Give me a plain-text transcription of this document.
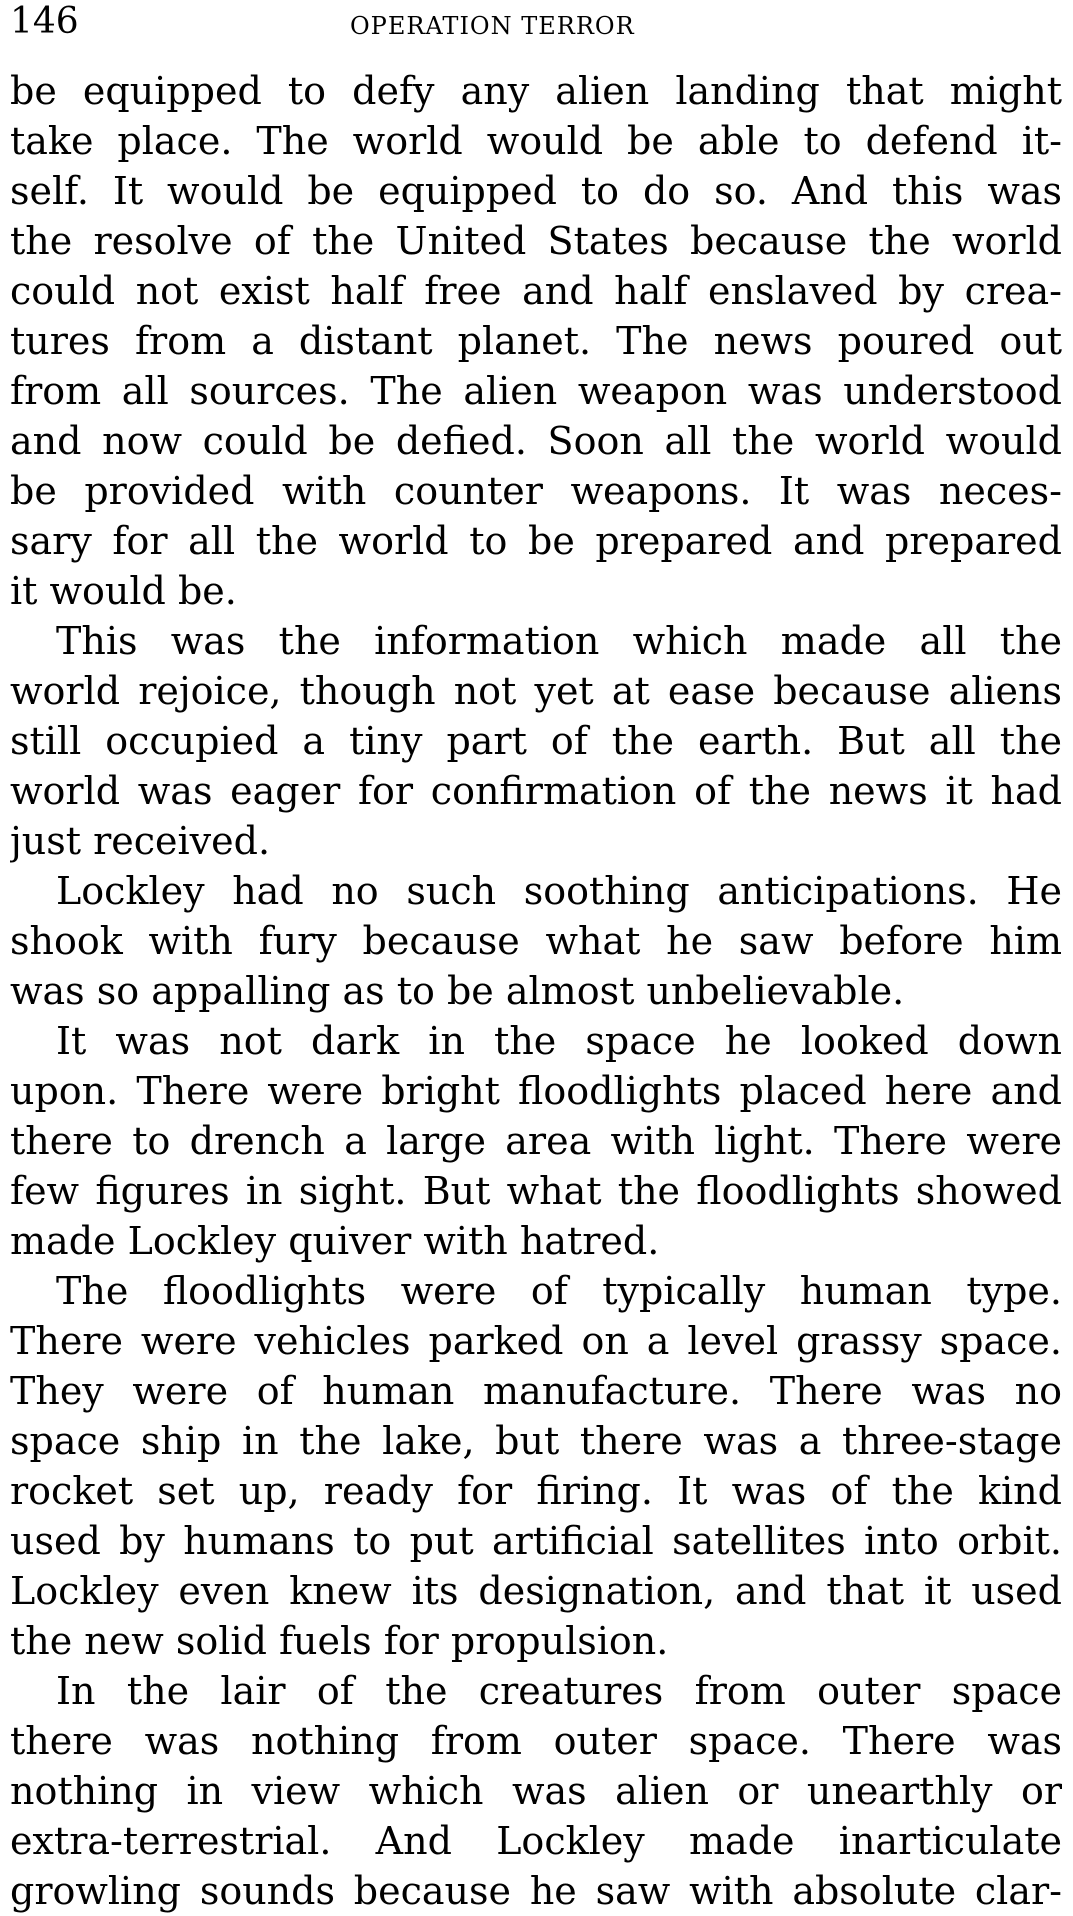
146	OPERATION TERROR
be equipped to defy any alien landing that might
take place. The world would be able to defend it-
self. It would be equipped to do so. And this was
the resolve of the United States because the world
could not exist half free and half enslaved by crea-
tures from a distant planet. The news poured out
from all sources. The alien weapon was understood
and now could be defied. Soon all the world would
be provided with counter weapons. It was neces-
sary for all the world to be prepared and prepared
it would be.
This was the information which made all the
world rejoice, though not yet at ease because aliens
still occupied a tiny part of the earth. But all the
world was eager for confirmation of the news it had
just received.
Lockley had no such soothing anticipations. He
shook with fury because what he saw before him
was so appalling as to be almost unbelievable.
It was not dark in the space he looked down
upon. There were bright floodlights placed here and
there to drench a large area with light. There were
few figures in sight. But what the floodlights showed
made Lockley quiver with hatred.
The floodlights were of typically human type.
There were vehicles parked on a level grassy space.
They were of human manufacture. There was no
space ship in the lake, but there was a three-stage
rocket set up, ready for firing. It was of the kind
used by humans to put artificial satellites into orbit.
Lockley even knew its designation, and that it used
the new solid fuels for propulsion.
In the lair of the creatures from outer space
there was nothing from outer space. There was
nothing in view which was alien or unearthly or
extra-terrestrial. And Lockley made inarticulate
growling sounds because he saw with absolute clar-
